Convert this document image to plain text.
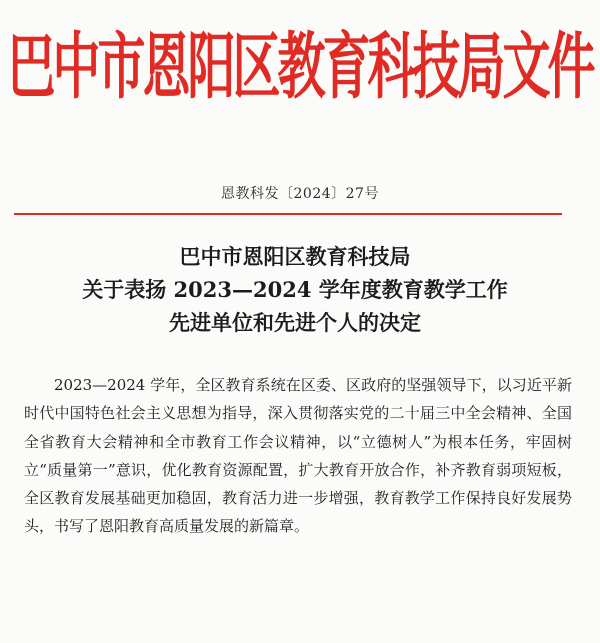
巴中市恩阳区教育科技局文件
恩教科发〔2024〕27号
巴中市恩阳区教育科技局
关于表扬 2023—2024 学年度教育教学工作
先进单位和先进个人的决定

2023—2024 学年，全区教育系统在区委、区政府的坚强领导下，以习近平新时代中国特色社会主义思想为指导，深入贯彻落实党的二十届三中全会精神、全国全省教育大会精神和全市教育工作会议精神，以“立德树人”为根本任务，牢固树立“质量第一”意识，优化教育资源配置，扩大教育开放合作，补齐教育弱项短板，全区教育发展基础更加稳固，教育活力进一步增强，教育教学工作保持良好发展势头，书写了恩阳教育高质量发展的新篇章。
